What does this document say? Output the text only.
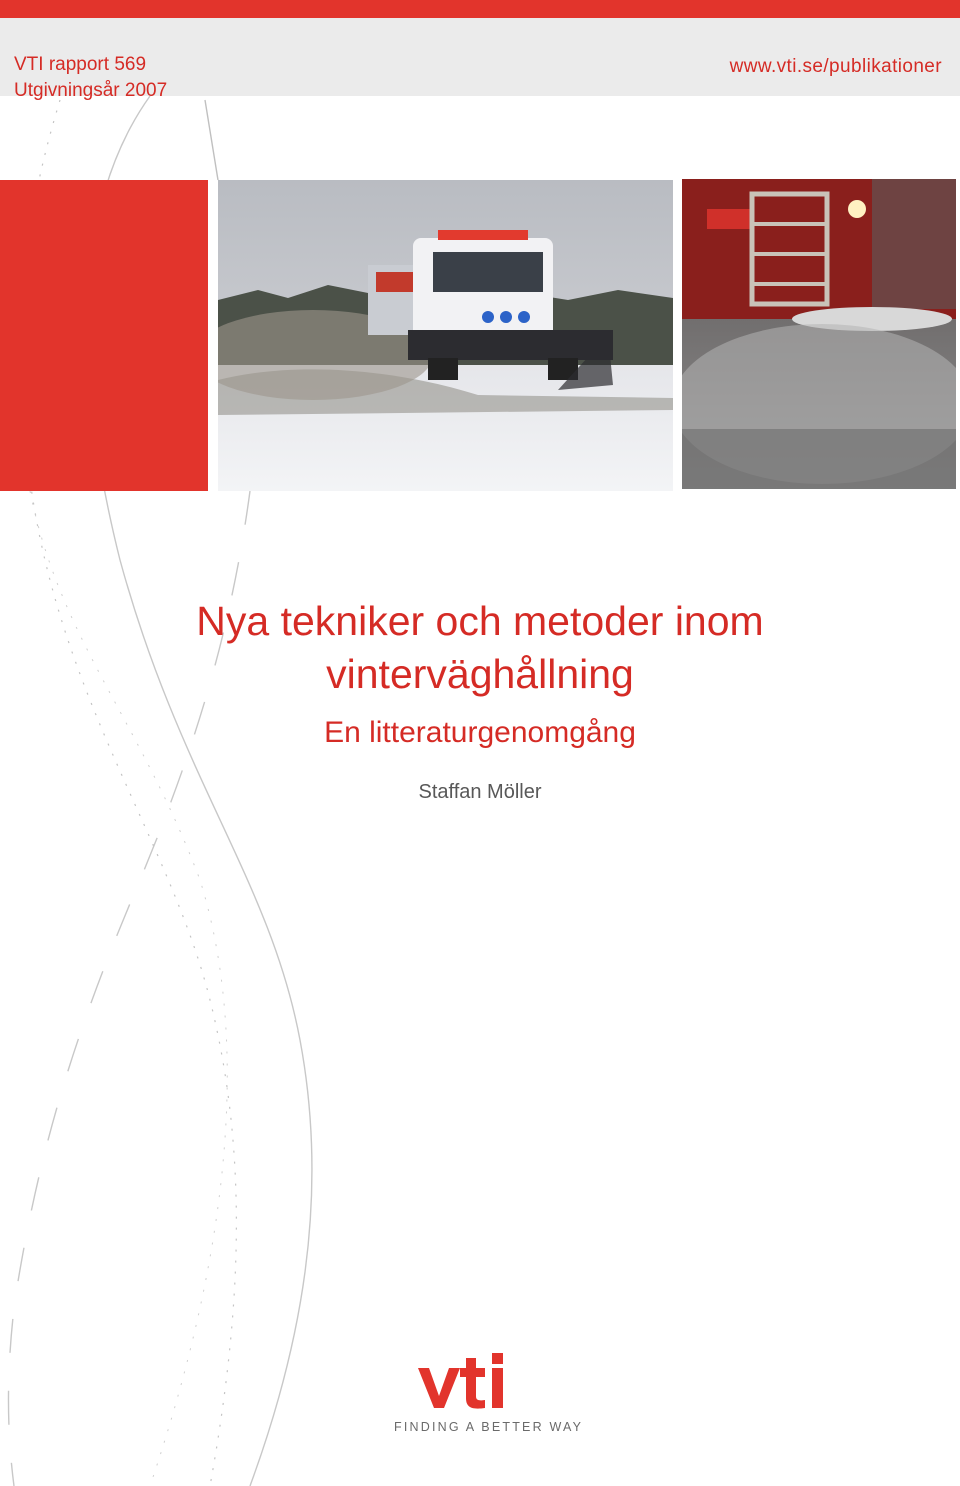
VTI rapport 569
Utgivningsår 2007
www.vti.se/publikationer
Nya tekniker och metoder inom
vinterväghållning
En litteraturgenomgång
Staffan Möller
FINDING A BETTER WAY
